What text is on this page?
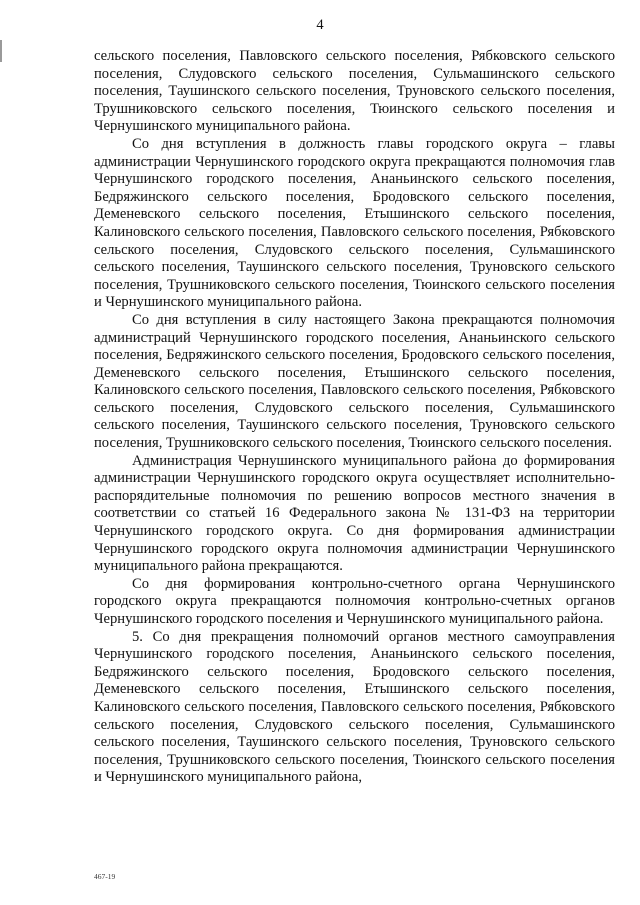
4

сельского поселения, Павловского сельского поселения, Рябковского сельского поселения, Слудовского сельского поселения, Сульмашинского сельского поселения, Таушинского сельского поселения, Труновского сельского поселения, Трушниковского сельского поселения, Тюинского сельского поселения и Чернушинского муниципального района.

Со дня вступления в должность главы городского округа – главы администрации Чернушинского городского округа прекращаются полномочия глав Чернушинского городского поселения, Ананьинского сельского поселения, Бедряжинского сельского поселения, Бродовского сельского поселения, Деменевского сельского поселения, Етышинского сельского поселения, Калиновского сельского поселения, Павловского сельского поселения, Рябковского сельского поселения, Слудовского сельского поселения, Сульмашинского сельского поселения, Таушинского сельского поселения, Труновского сельского поселения, Трушниковского сельского поселения, Тюинского сельского поселения и Чернушинского муниципального района.

Со дня вступления в силу настоящего Закона прекращаются полномочия администраций Чернушинского городского поселения, Ананьинского сельского поселения, Бедряжинского сельского поселения, Бродовского сельского поселения, Деменевского сельского поселения, Етышинского сельского поселения, Калиновского сельского поселения, Павловского сельского поселения, Рябковского сельского поселения, Слудовского сельского поселения, Сульмашинского сельского поселения, Таушинского сельского поселения, Труновского сельского поселения, Трушниковского сельского поселения, Тюинского сельского поселения.

Администрация Чернушинского муниципального района до формирования администрации Чернушинского городского округа осуществляет исполнительно-распорядительные полномочия по решению вопросов местного значения в соответствии со статьей 16 Федерального закона № 131-ФЗ на территории Чернушинского городского округа. Со дня формирования администрации Чернушинского городского округа полномочия администрации Чернушинского муниципального района прекращаются.

Со дня формирования контрольно-счетного органа Чернушинского городского округа прекращаются полномочия контрольно-счетных органов Чернушинского городского поселения и Чернушинского муниципального района.

5. Со дня прекращения полномочий органов местного самоуправления Чернушинского городского поселения, Ананьинского сельского поселения, Бедряжинского сельского поселения, Бродовского сельского поселения, Деменевского сельского поселения, Етышинского сельского поселения, Калиновского сельского поселения, Павловского сельского поселения, Рябковского сельского поселения, Слудовского сельского поселения, Сульмашинского сельского поселения, Таушинского сельского поселения, Труновского сельского поселения, Трушниковского сельского поселения, Тюинского сельского поселения и Чернушинского муниципального района,

467-19
